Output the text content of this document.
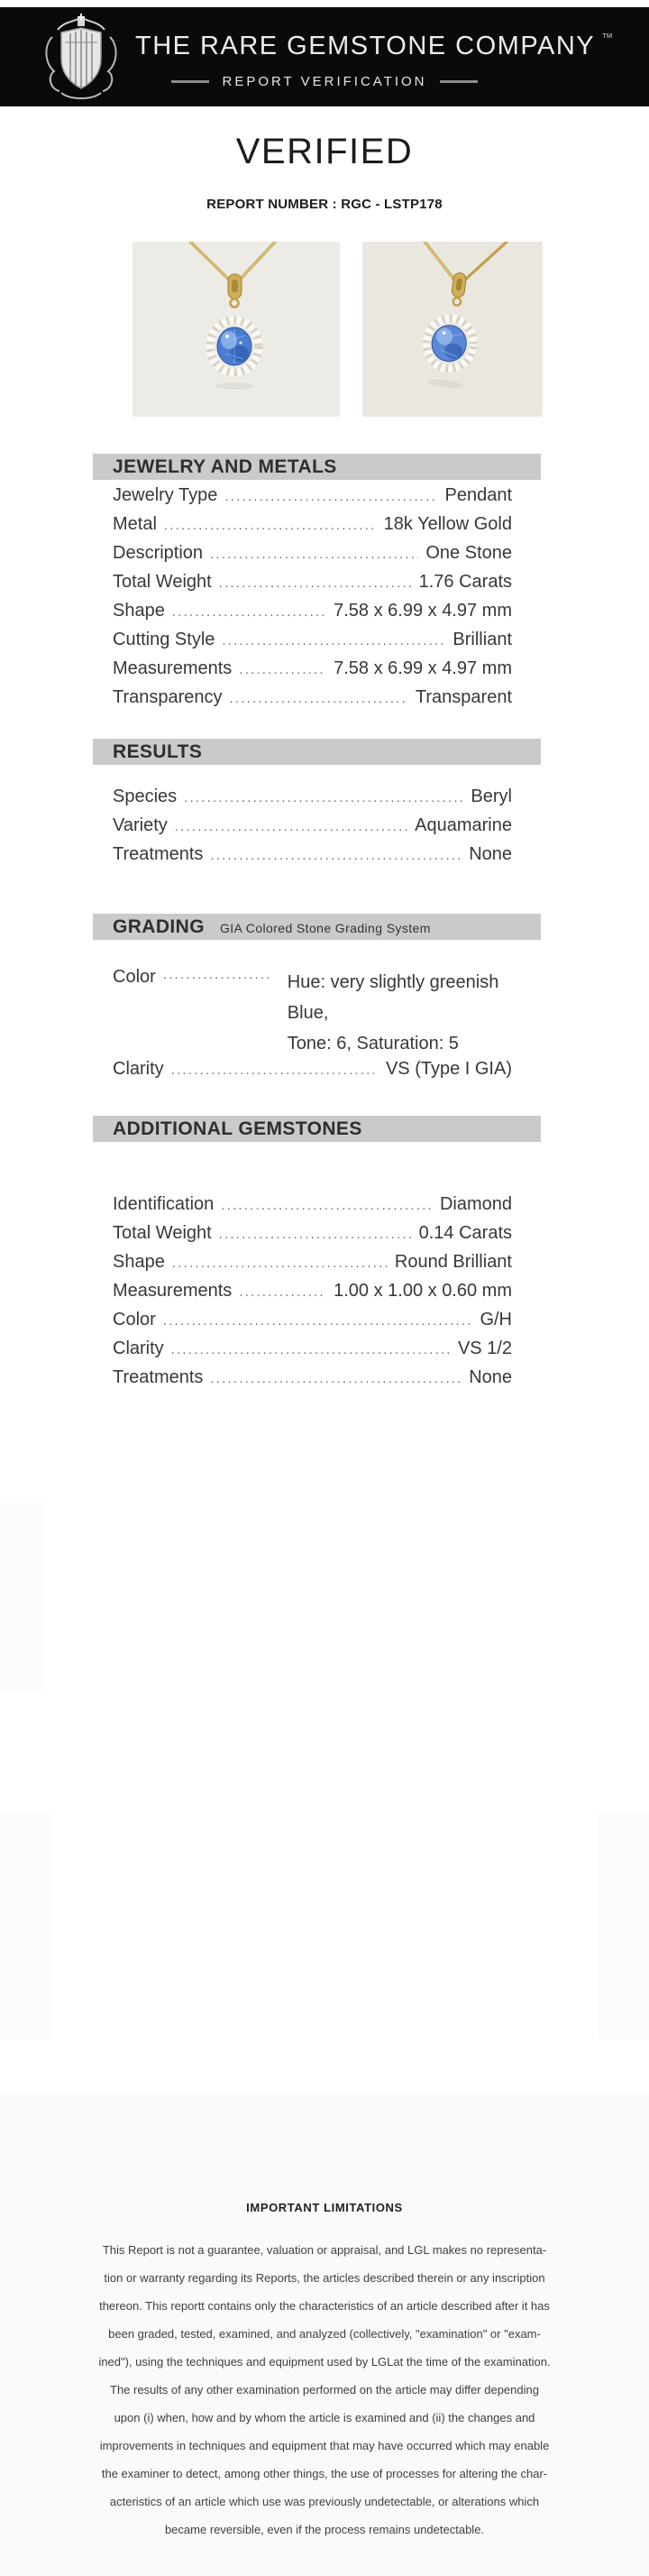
THE RARE GEMSTONE COMPANY ™
REPORT VERIFICATION
VERIFIED
REPORT NUMBER : RGC - LSTP178
JEWELRY AND METALS
Jewelry Type .....	Pendant
Metal .....	18k Yellow Gold
Description .....	One Stone
Total Weight .....	1.76 Carats
Shape .....	7.58 x 6.99 x 4.97 mm
Cutting Style .....	Brilliant
Measurements .....	7.58 x 6.99 x 4.97 mm
Transparency .....	Transparent
RESULTS
Species .....	Beryl
Variety .....	Aquamarine
Treatments .....	None
GRADING GIA Colored Stone Grading System
Color .....	Hue: very slightly greenish Blue,
Tone: 6, Saturation: 5
Clarity .....	VS (Type I GIA)
ADDITIONAL GEMSTONES
Identification .....	Diamond
Total Weight .....	0.14 Carats
Shape .....	Round Brilliant
Measurements .....	1.00 x 1.00 x 0.60 mm
Color .....	G/H
Clarity .....	VS 1/2
Treatments .....	None
IMPORTANT LIMITATIONS
This Report is not a guarantee, valuation or appraisal, and LGL makes no representa-
tion or warranty regarding its Reports, the articles described therein or any inscription
thereon. This reportt contains only the characteristics of an article described after it has
been graded, tested, examined, and analyzed (collectively, "examination" or "exam-
ined"), using the techniques and equipment used by LGLat the time of the examination.
The results of any other examination performed on the article may differ depending
upon (i) when, how and by whom the article is examined and (ii) the changes and
improvements in techniques and equipment that may have occurred which may enable
the examiner to detect, among other things, the use of processes for altering the char-
acteristics of an article which use was previously undetectable, or alterations which
became reversible, even if the process remains undetectable.
